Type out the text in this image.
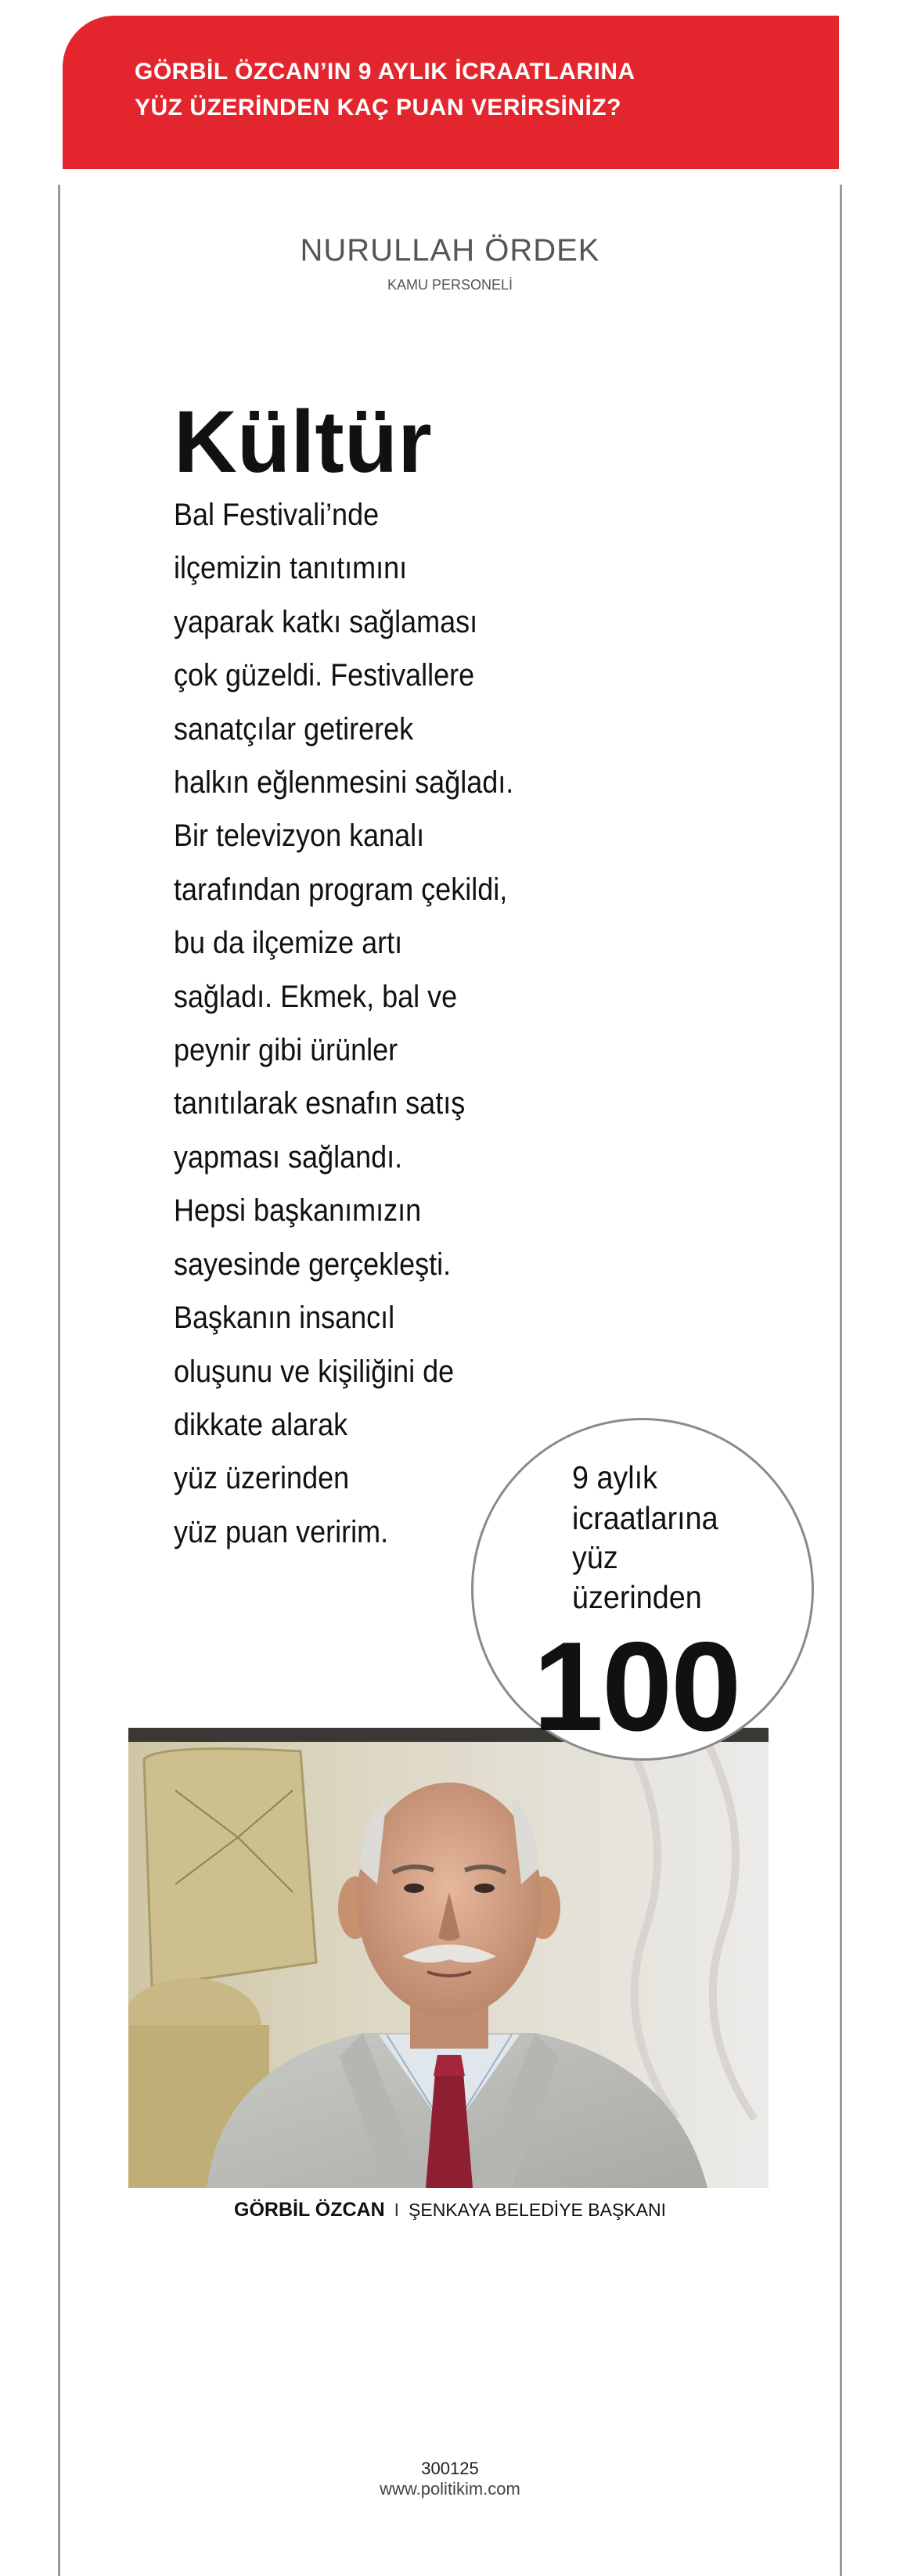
GÖRBİL ÖZCAN’IN 9 AYLIK İCRAATLARINA
YÜZ ÜZERİNDEN KAÇ PUAN VERİRSİNİZ?
NURULLAH ÖRDEK
KAMU PERSONELİ
Kültür

Bal Festivali’nde
ilçemizin tanıtımını
yaparak katkı sağlaması
çok güzeldi. Festivallere
sanatçılar getirerek
halkın eğlenmesini sağladı.
Bir televizyon kanalı
tarafından program çekildi,
bu da ilçemize artı
sağladı. Ekmek, bal ve
peynir gibi ürünler
tanıtılarak esnafın satış
yapması sağlandı.
Hepsi başkanımızın
sayesinde gerçekleşti.
Başkanın insancıl
oluşunu ve kişiliğini de
dikkate alarak
yüz üzerinden
yüz puan veririm.

9 aylık
icraatlarına
yüz
üzerinden
100
GÖRBİL ÖZCAN I ŞENKAYA BELEDİYE BAŞKANI
300125
www.politikim.com
